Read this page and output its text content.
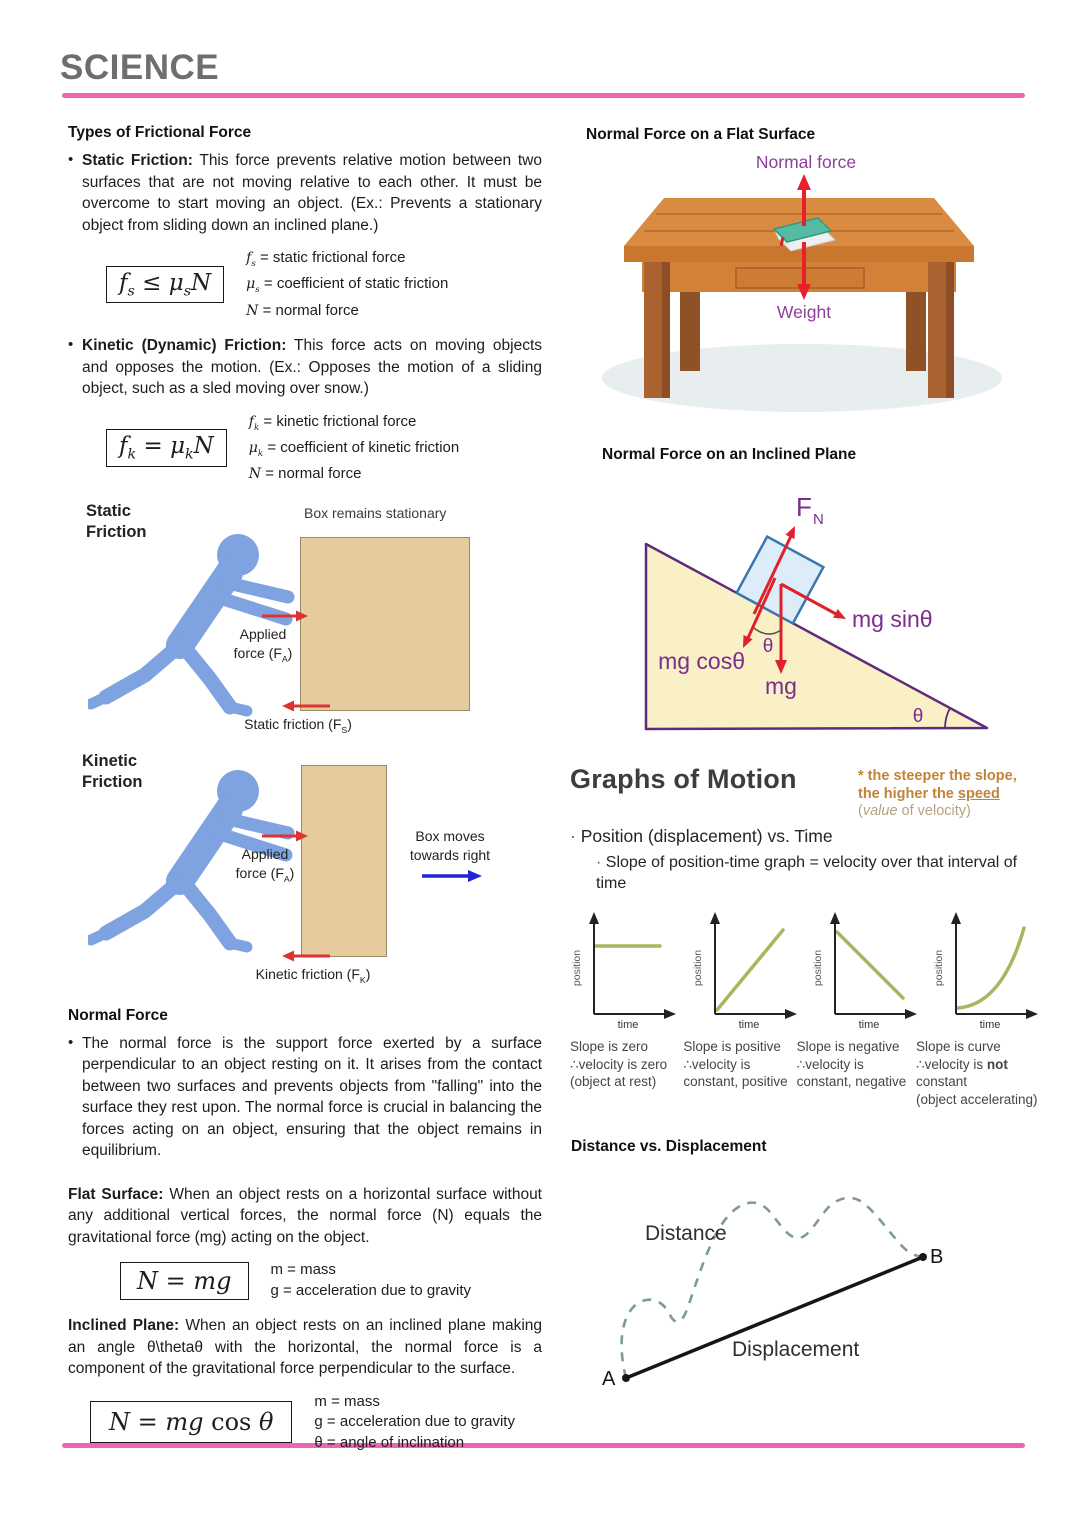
SCIENCE
Types of Frictional Force
• Static Friction: This force prevents relative motion between two surfaces that are not moving relative to each other. It must be overcome to start moving an object. (Ex.: Prevents a stationary object from sliding down an inclined plane.)
$f_s \le \mu_sN$
$f_s$ = static frictional force
$\mu_s$ = coefficient of static friction
N = normal force
• Kinetic (Dynamic) Friction: This force acts on moving objects and opposes the motion. (Ex.: Opposes the motion of a sliding object, such as a sled moving over snow.)
$f_k = \mu_kN$
$f_k$ = kinetic frictional force
$\mu_k$ = coefficient of kinetic friction
N = normal force
Static
Friction
Box remains stationary
Applied
force $(F_A)$
Static friction $(F_S)$
Kinetic
Friction
Applied
force $(F_A)$
Box moves
towards right
Kinetic friction $(F_K)$
Normal Force
• The normal force is the support force exerted by a surface perpendicular to an object resting on it. It arises from the contact between two surfaces and prevents objects from "falling" into the surface they rest upon. The normal force is crucial in balancing the forces acting on an object, ensuring that the object remains in equilibrium.
Flat Surface: When an object rests on a horizontal surface without any additional vertical forces, the normal force (N) equals the gravitational force (mg) acting on the object.
N = mg	m = mass
g = acceleration due to gravity
Inclined Plane: When an object rests on an inclined plane making an angle θ\thetaθ with the horizontal, the normal force is a component of the gravitational force perpendicular to the surface.
N = mg cos θ
m = mass
g = acceleration due to gravity
θ = angle of inclination
Normal Force on a Flat Surface
Normal force
Weight
Normal Force on an Inclined Plane
F N
mg sinθ
mg cosθ
mg
θ
θ
Graphs of Motion	* the steeper the slope,
the higher the speed
(value of velocity)
· Position (displacement) vs. Time
· Slope of position-time graph = velocity over that interval of time
position
time
position
time
position
time
position
time
Slope is zero
∴velocity is zero
(object at rest)
Slope is positive
∴velocity is
constant, positive
Slope is negative
∴velocity is
constant, negative
Slope is curve
∴velocity is not
constant
(object accelerating)
Distance vs. Displacement
Distance
Displacement
A
B
